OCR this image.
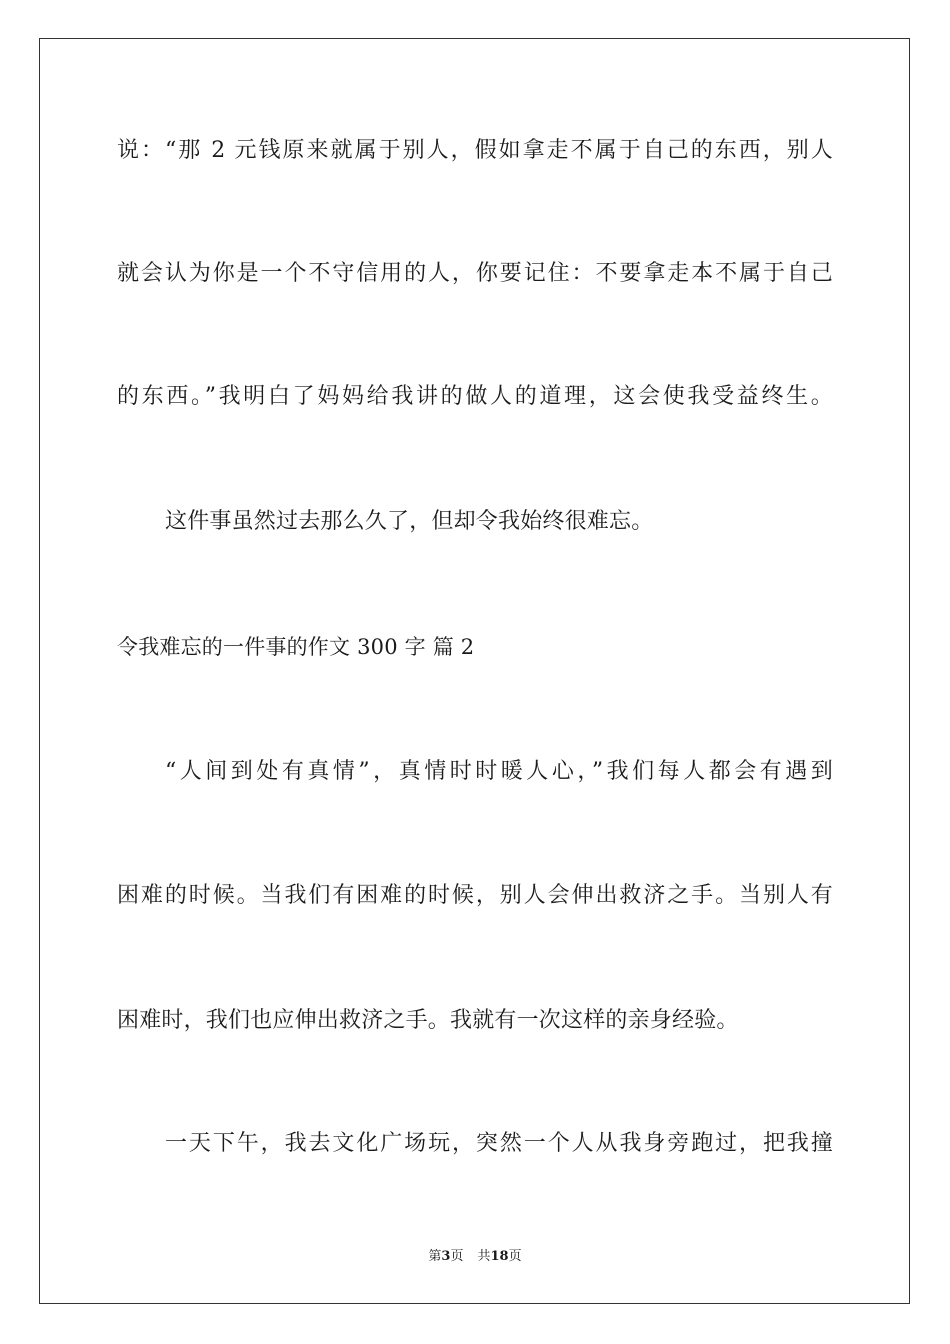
说：“那 2 元钱原来就属于别人，假如拿走不属于自己的东西，别人
就会认为你是一个不守信用的人，你要记住：不要拿走本不属于自己
的东西。”我明白了妈妈给我讲的做人的道理，这会使我受益终生。
这件事虽然过去那么久了，但却令我始终很难忘。
令我难忘的一件事的作文 300 字 篇 2
“人间到处有真情”，真情时时暖人心，”我们每人都会有遇到
困难的时候。当我们有困难的时候，别人会伸出救济之手。当别人有
困难时，我们也应伸出救济之手。我就有一次这样的亲身经验。
一天下午，我去文化广场玩，突然一个人从我身旁跑过，把我撞
第3页 共18页
